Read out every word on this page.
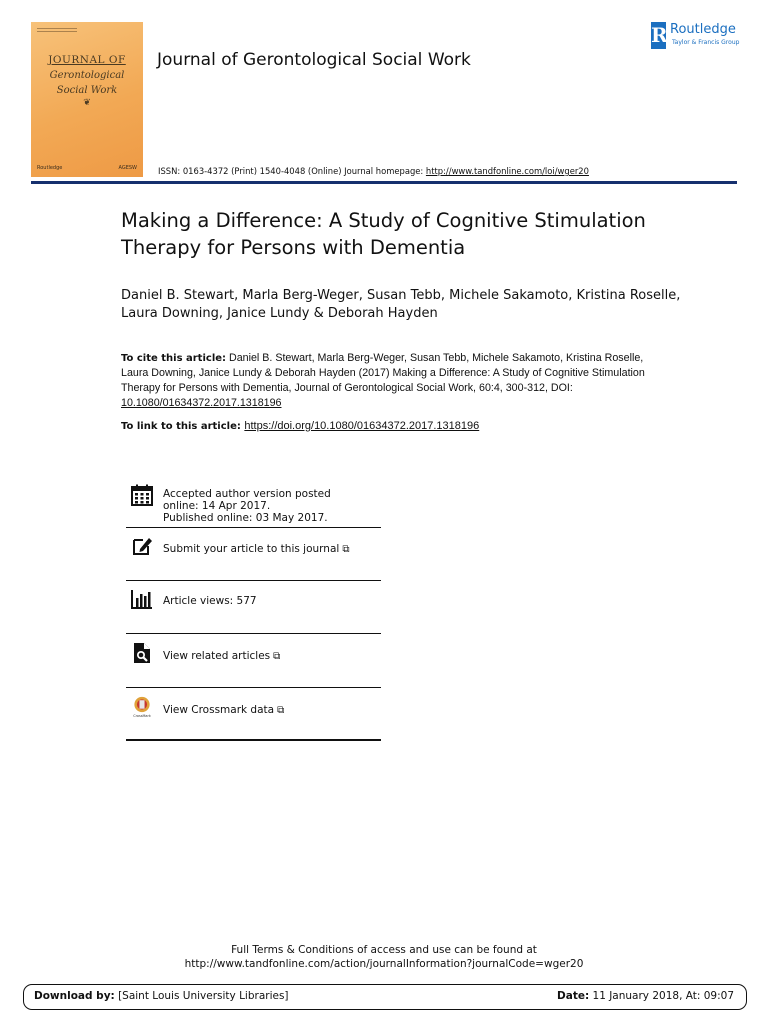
JOURNAL OF
Gerontological
Social Work
❦
Routledge	AGESW
Journal of Gerontological Social Work
R Routledge
Taylor & Francis Group
ISSN: 0163-4372 (Print) 1540-4048 (Online) Journal homepage: http://www.tandfonline.com/loi/wger20
Making a Difference: A Study of Cognitive Stimulation Therapy for Persons with Dementia
Daniel B. Stewart, Marla Berg-Weger, Susan Tebb, Michele Sakamoto, Kristina Roselle, Laura Downing, Janice Lundy & Deborah Hayden
To cite this article: Daniel B. Stewart, Marla Berg-Weger, Susan Tebb, Michele Sakamoto, Kristina Roselle, Laura Downing, Janice Lundy & Deborah Hayden (2017) Making a Difference: A Study of Cognitive Stimulation Therapy for Persons with Dementia, Journal of Gerontological Social Work, 60:4, 300-312, DOI: 10.1080/01634372.2017.1318196
To link to this article: https://doi.org/10.1080/01634372.2017.1318196
Accepted author version posted online: 14 Apr 2017.
Published online: 03 May 2017.
Submit your article to this journal ⧉
Article views: 577
View related articles ⧉
CrossMark
View Crossmark data ⧉
Full Terms & Conditions of access and use can be found at
http://www.tandfonline.com/action/journalInformation?journalCode=wger20
Download by: [Saint Louis University Libraries]	Date: 11 January 2018, At: 09:07
